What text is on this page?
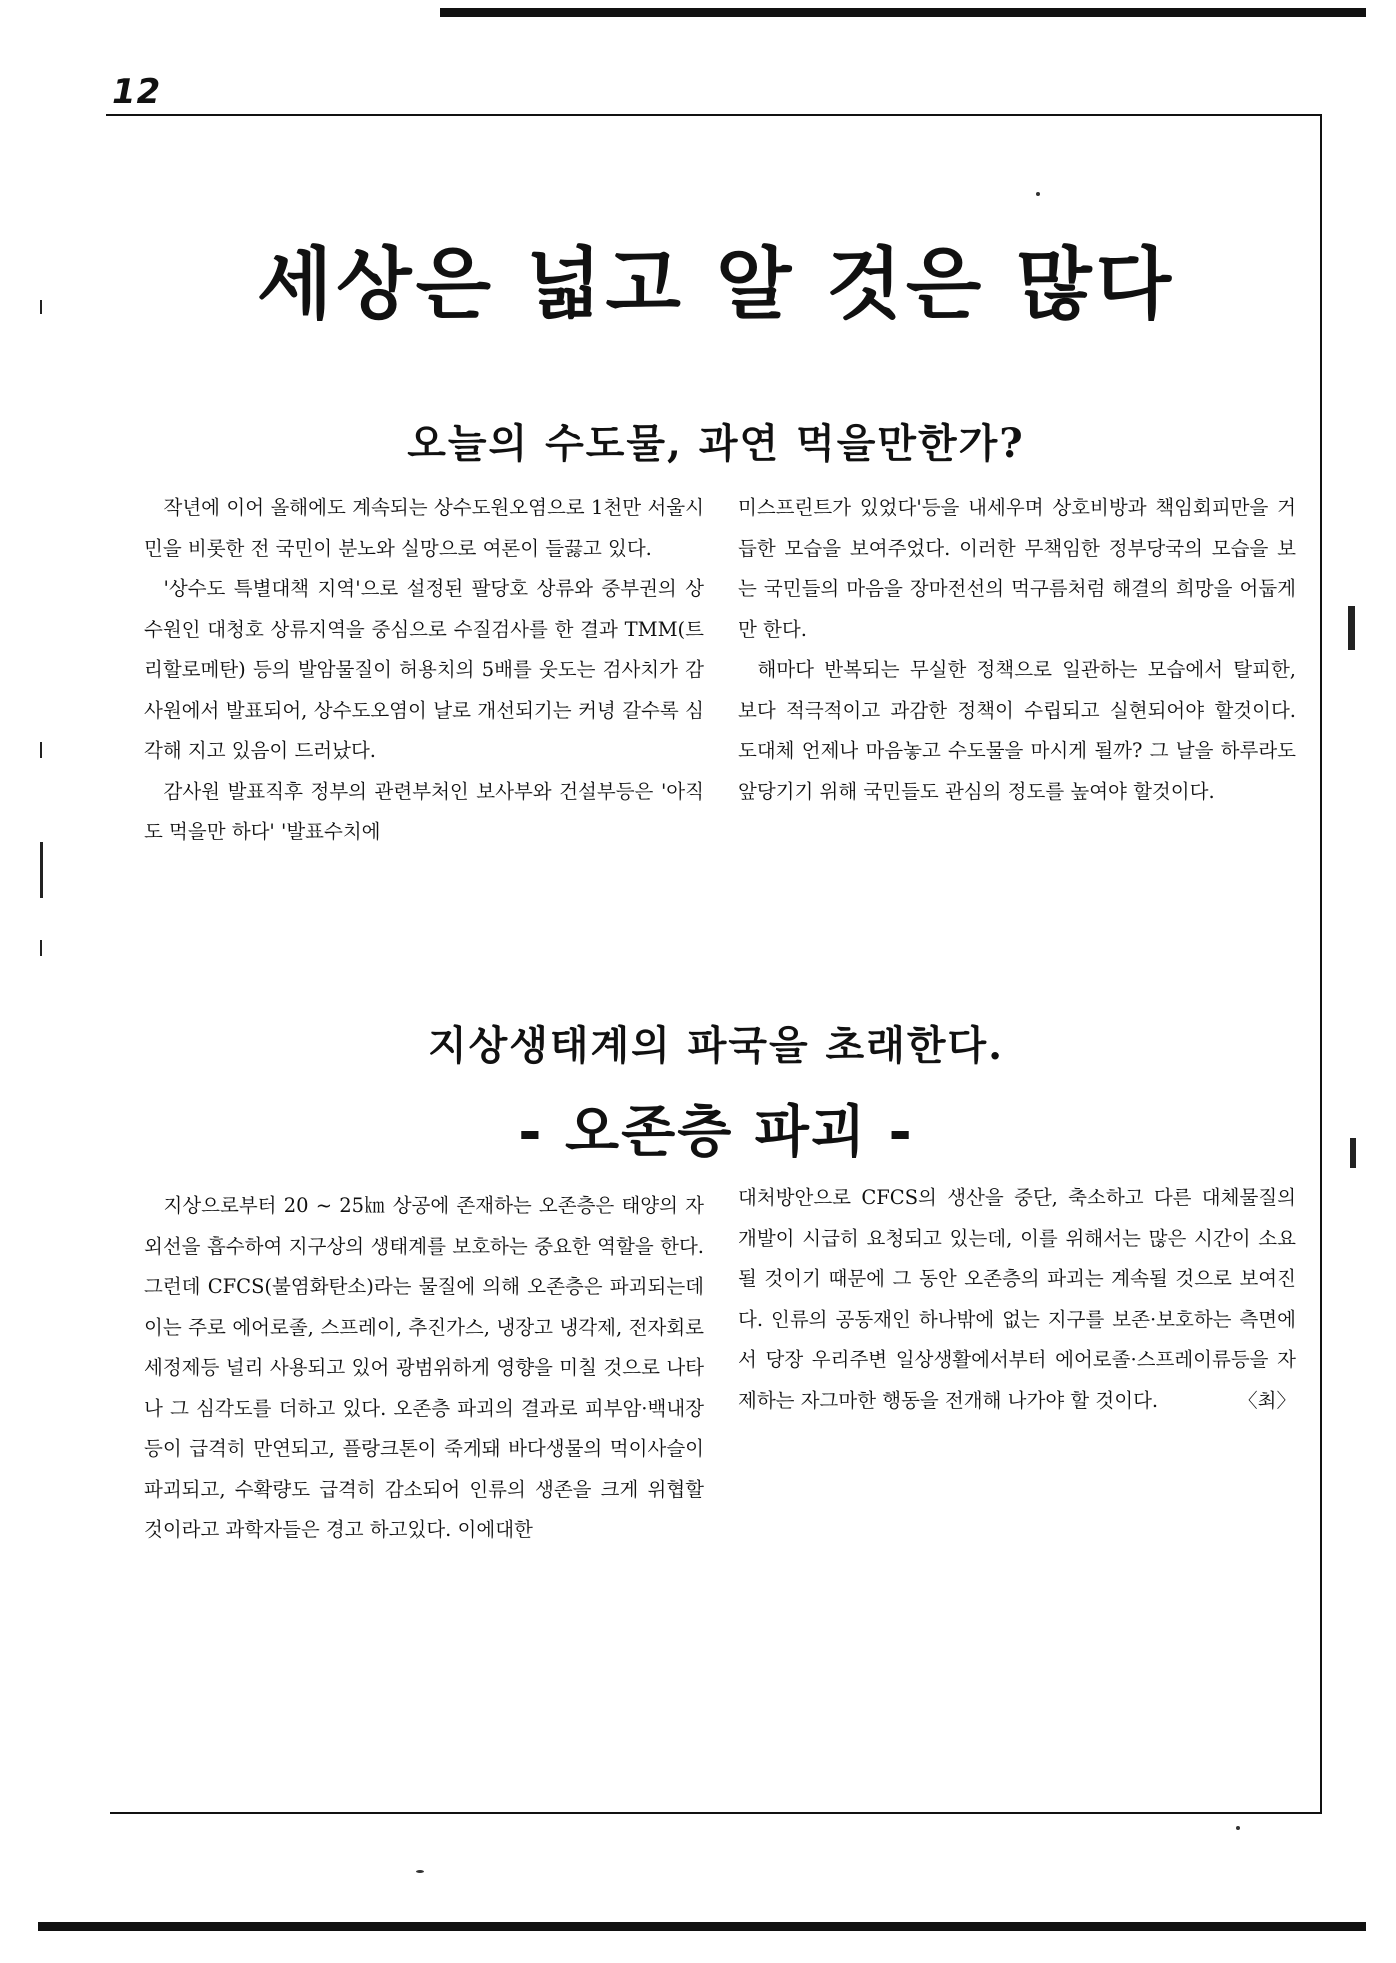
12
세상은 넓고 알 것은 많다
오늘의 수도물, 과연 먹을만한가?

작년에 이어 올해에도 계속되는 상수도원오염으로 1천만 서울시민을 비롯한 전 국민이 분노와 실망으로 여론이 들끓고 있다.

'상수도 특별대책 지역'으로 설정된 팔당호 상류와 중부권의 상수원인 대청호 상류지역을 중심으로 수질검사를 한 결과 TMM(트리할로메탄) 등의 발암물질이 허용치의 5배를 웃도는 검사치가 감사원에서 발표되어, 상수도오염이 날로 개선되기는 커녕 갈수록 심각해 지고 있음이 드러났다.

감사원 발표직후 정부의 관련부처인 보사부와 건설부등은 '아직도 먹을만 하다' '발표수치에

미스프린트가 있었다'등을 내세우며 상호비방과 책임회피만을 거듭한 모습을 보여주었다. 이러한 무책임한 정부당국의 모습을 보는 국민들의 마음을 장마전선의 먹구름처럼 해결의 희망을 어둡게 만 한다.

해마다 반복되는 무실한 정책으로 일관하는 모습에서 탈피한, 보다 적극적이고 과감한 정책이 수립되고 실현되어야 할것이다. 도대체 언제나 마음놓고 수도물을 마시게 될까? 그 날을 하루라도 앞당기기 위해 국민들도 관심의 정도를 높여야 할것이다.

지상생태계의 파국을 초래한다.
- 오존층 파괴 -

지상으로부터 20 ~ 25㎞ 상공에 존재하는 오존층은 태양의 자외선을 흡수하여 지구상의 생태계를 보호하는 중요한 역할을 한다. 그런데 CFCS(불염화탄소)라는 물질에 의해 오존층은 파괴되는데 이는 주로 에어로졸, 스프레이, 추진가스, 냉장고 냉각제, 전자회로 세정제등 널리 사용되고 있어 광범위하게 영향을 미칠 것으로 나타나 그 심각도를 더하고 있다. 오존층 파괴의 결과로 피부암·백내장등이 급격히 만연되고, 플랑크톤이 죽게돼 바다생물의 먹이사슬이 파괴되고, 수확량도 급격히 감소되어 인류의 생존을 크게 위협할 것이라고 과학자들은 경고 하고있다. 이에대한

대처방안으로 CFCS의 생산을 중단, 축소하고 다른 대체물질의 개발이 시급히 요청되고 있는데, 이를 위해서는 많은 시간이 소요될 것이기 때문에 그 동안 오존층의 파괴는 계속될 것으로 보여진다. 인류의 공동재인 하나밖에 없는 지구를 보존·보호하는 측면에서 당장 우리주변 일상생활에서부터 에어로졸·스프레이류등을 자제하는 자그마한 행동을 전개해 나가야 할 것이다.	〈최〉
